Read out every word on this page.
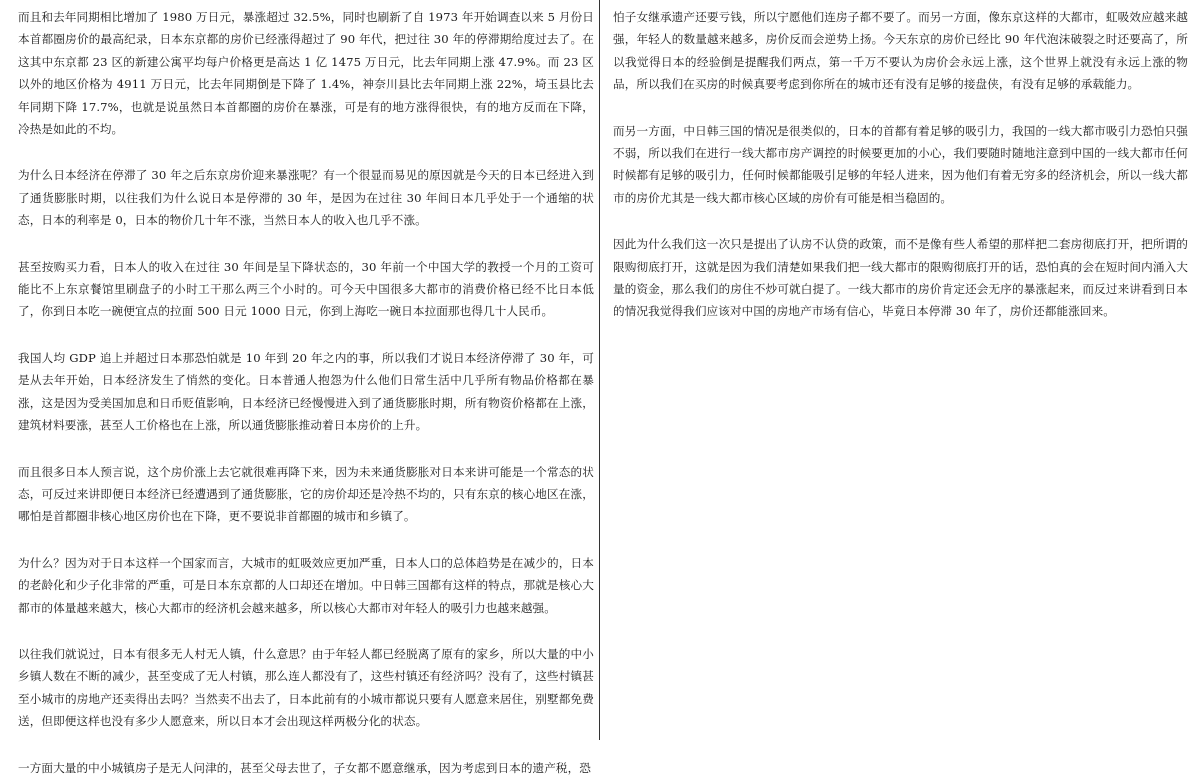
而且和去年同期相比增加了 1980 万日元，暴涨超过 32.5%，同时也刷新了自 1973 年开始调查以来 5 月份日本首都圈房价的最高纪录，日本东京都的房价已经涨得超过了 90 年代，把过往 30 年的停滞期给度过去了。在这其中东京都 23 区的新建公寓平均每户价格更是高达 1 亿 1475 万日元，比去年同期上涨 47.9%。而 23 区以外的地区价格为 4911 万日元，比去年同期倒是下降了 1.4%，神奈川县比去年同期上涨 22%，埼玉县比去年同期下降 17.7%，也就是说虽然日本首都圈的房价在暴涨，可是有的地方涨得很快，有的地方反而在下降，冷热是如此的不均。

为什么日本经济在停滞了 30 年之后东京房价迎来暴涨呢？有一个很显而易见的原因就是今天的日本已经进入到了通货膨胀时期，以往我们为什么说日本是停滞的 30 年，是因为在过往 30 年间日本几乎处于一个通缩的状态，日本的利率是 0，日本的物价几十年不涨，当然日本人的收入也几乎不涨。

甚至按购买力看，日本人的收入在过往 30 年间是呈下降状态的，30 年前一个中国大学的教授一个月的工资可能比不上东京餐馆里刷盘子的小时工干那么两三个小时的。可今天中国很多大都市的消费价格已经不比日本低了，你到日本吃一碗便宜点的拉面 500 日元 1000 日元，你到上海吃一碗日本拉面那也得几十人民币。

我国人均 GDP 追上并超过日本那恐怕就是 10 年到 20 年之内的事，所以我们才说日本经济停滞了 30 年，可是从去年开始，日本经济发生了悄然的变化。日本普通人抱怨为什么他们日常生活中几乎所有物品价格都在暴涨，这是因为受美国加息和日币贬值影响，日本经济已经慢慢进入到了通货膨胀时期，所有物资价格都在上涨，建筑材料要涨，甚至人工价格也在上涨，所以通货膨胀推动着日本房价的上升。

而且很多日本人预言说，这个房价涨上去它就很难再降下来，因为未来通货膨胀对日本来讲可能是一个常态的状态，可反过来讲即便日本经济已经遭遇到了通货膨胀，它的房价却还是冷热不均的，只有东京的核心地区在涨，哪怕是首都圈非核心地区房价也在下降，更不要说非首都圈的城市和乡镇了。

为什么？因为对于日本这样一个国家而言，大城市的虹吸效应更加严重，日本人口的总体趋势是在减少的，日本的老龄化和少子化非常的严重，可是日本东京都的人口却还在增加。中日韩三国都有这样的特点，那就是核心大都市的体量越来越大，核心大都市的经济机会越来越多，所以核心大都市对年轻人的吸引力也越来越强。

以往我们就说过，日本有很多无人村无人镇，什么意思？由于年轻人都已经脱离了原有的家乡，所以大量的中小乡镇人数在不断的减少，甚至变成了无人村镇，那么连人都没有了，这些村镇还有经济吗？没有了，这些村镇甚至小城市的房地产还卖得出去吗？当然卖不出去了，日本此前有的小城市都说只要有人愿意来居住，别墅都免费送，但即便这样也没有多少人愿意来，所以日本才会出现这样两极分化的状态。

一方面大量的中小城镇房子是无人问津的，甚至父母去世了，子女都不愿意继承，因为考虑到日本的遗产税，恐

怕子女继承遗产还要亏钱，所以宁愿他们连房子都不要了。而另一方面，像东京这样的大都市，虹吸效应越来越强，年轻人的数量越来越多，房价反而会逆势上扬。今天东京的房价已经比 90 年代泡沫破裂之时还要高了，所以我觉得日本的经验倒是提醒我们两点，第一千万不要认为房价会永远上涨，这个世界上就没有永远上涨的物品，所以我们在买房的时候真要考虑到你所在的城市还有没有足够的接盘侠，有没有足够的承载能力。

而另一方面，中日韩三国的情况是很类似的，日本的首都有着足够的吸引力，我国的一线大都市吸引力恐怕只强不弱，所以我们在进行一线大都市房产调控的时候要更加的小心，我们要随时随地注意到中国的一线大都市任何时候都有足够的吸引力，任何时候都能吸引足够的年轻人进来，因为他们有着无穷多的经济机会，所以一线大都市的房价尤其是一线大都市核心区域的房价有可能是相当稳固的。

因此为什么我们这一次只是提出了认房不认贷的政策，而不是像有些人希望的那样把二套房彻底打开，把所谓的限购彻底打开，这就是因为我们清楚如果我们把一线大都市的限购彻底打开的话，恐怕真的会在短时间内涌入大量的资金，那么我们的房住不炒可就白提了。一线大都市的房价肯定还会无序的暴涨起来，而反过来讲看到日本的情况我觉得我们应该对中国的房地产市场有信心，毕竟日本停滞 30 年了，房价还都能涨回来。
